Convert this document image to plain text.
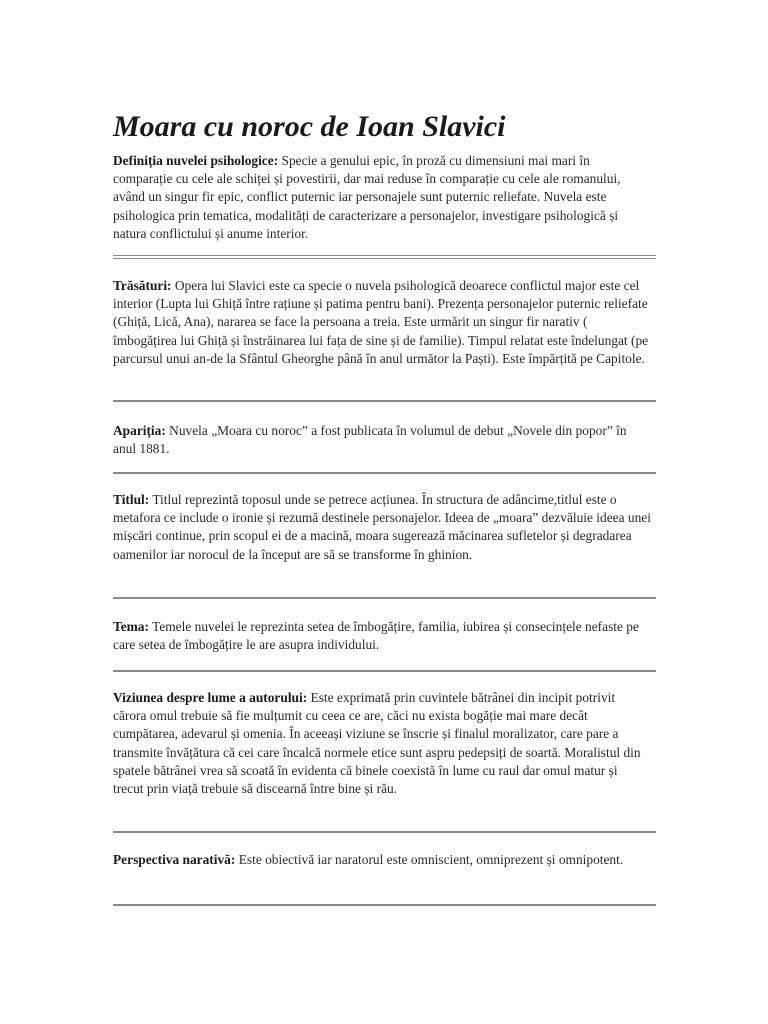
Moara cu noroc de Ioan Slavici

Definiția nuvelei psihologice: Specie a genului epic, în proză cu dimensiuni mai mari în comparație cu cele ale schiței și povestirii, dar mai reduse în comparație cu cele ale romanului, având un singur fir epic, conflict puternic iar personajele sunt puternic reliefate. Nuvela este psihologica prin tematica, modalități de caracterizare a personajelor, investigare psihologică și natura conflictului și anume interior.

Trăsături: Opera lui Slavici este ca specie o nuvela psihologică deoarece conflictul major este cel interior (Lupta lui Ghiță între rațiune și patima pentru bani). Prezența personajelor puternic reliefate (Ghiță, Lică, Ana), nararea se face la persoana a treia. Este urmărit un singur fir narativ ( îmbogățirea lui Ghiță și înstrăinarea lui fața de sine și de familie). Timpul relatat este îndelungat (pe parcursul unui an-de la Sfântul Gheorghe până în anul următor la Paști). Este împărțită pe Capitole.

Apariția: Nuvela „Moara cu noroc” a fost publicata în volumul de debut „Novele din popor” în anul 1881.

Titlul: Titlul reprezintă toposul unde se petrece acțiunea. În structura de adâncime,titlul este o metafora ce include o ironie și rezumă destinele personajelor. Ideea de „moara” dezvăluie ideea unei mișcări continue, prin scopul ei de a macină, moara sugerează măcinarea sufletelor și degradarea oamenilor iar norocul de la început are să se transforme în ghinion.

Tema: Temele nuvelei le reprezinta setea de îmbogățire, familia, iubirea și consecințele nefaste pe care setea de îmbogățire le are asupra individului.

Viziunea despre lume a autorului: Este exprimată prin cuvintele bătrânei din incipit potrivit cărora omul trebuie să fie mulțumit cu ceea ce are, căci nu exista bogăție mai mare decât cumpătarea, adevarul și omenia. În aceeași viziune se înscrie și finalul moralizator, care pare a transmite învățătura că cei care încalcă normele etice sunt aspru pedepsiți de soartă. Moralistul din spatele bătrânei vrea să scoată în evidenta că binele coexistă în lume cu raul dar omul matur și trecut prin viață trebuie să discearnă între bine și rău.

Perspectiva narativă: Este obiectivă iar naratorul este omniscient, omniprezent și omnipotent.
